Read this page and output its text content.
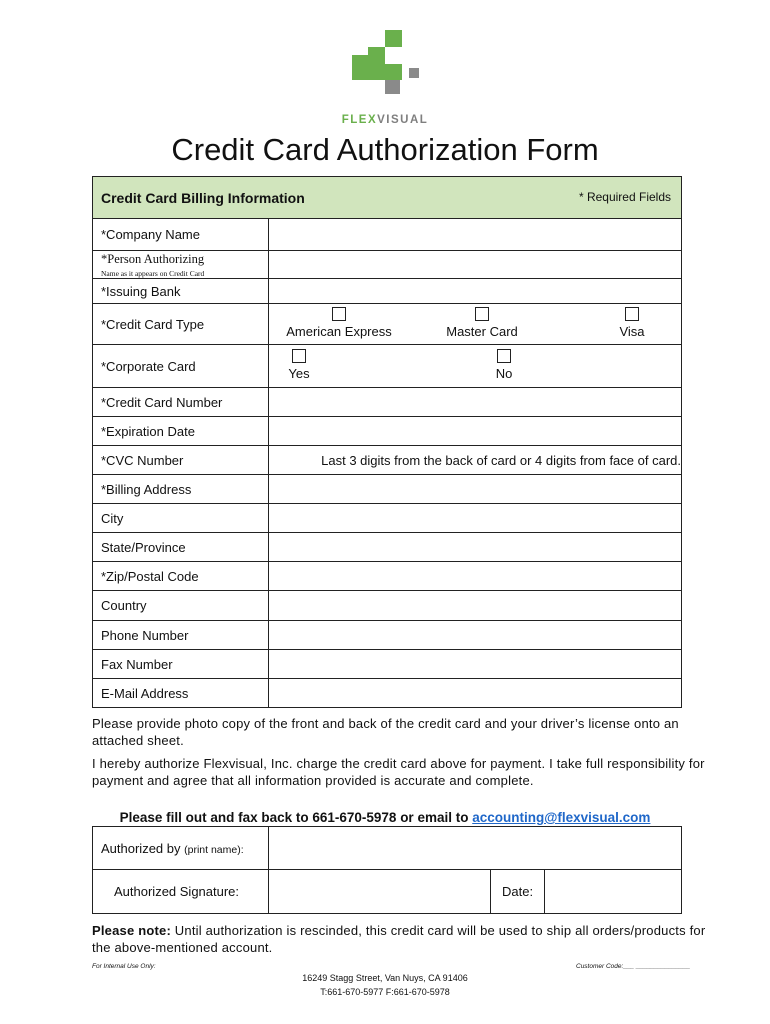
FLEXVISUAL
Credit Card Authorization Form
Credit Card Billing Information * Required Fields	

*Company Name	
*Person Authorizing
Name as it appears on Credit Card	

*Issuing Bank	
*Credit Card Type	American Express Master Card Visa

*Corporate Card	Yes No

*Credit Card Number	
*Expiration Date	
*CVC Number	Last 3 digits from the back of card or 4 digits from face of card.
*Billing Address	
City	
State/Province	
*Zip/Postal Code	
Country	
Phone Number	
Fax Number	
E-Mail Address	
Please provide photo copy of the front and back of the credit card and your driver’s license onto an attached sheet.
I hereby authorize Flexvisual, Inc. charge the credit card above for payment. I take full responsibility for payment and agree that all information provided is accurate and complete.
Please fill out and fax back to 661-670-5978 or email to accounting@flexvisual.com
Authorized by (print name):			
Authorized Signature:		Date:	
Please note: Until authorization is rescinded, this credit card will be used to ship all orders/products for the above-mentioned account.
For Internal Use Only:	Customer Code:___ _______________
16249 Stagg Street, Van Nuys, CA 91406
T:661-670-5977 F:661-670-5978
